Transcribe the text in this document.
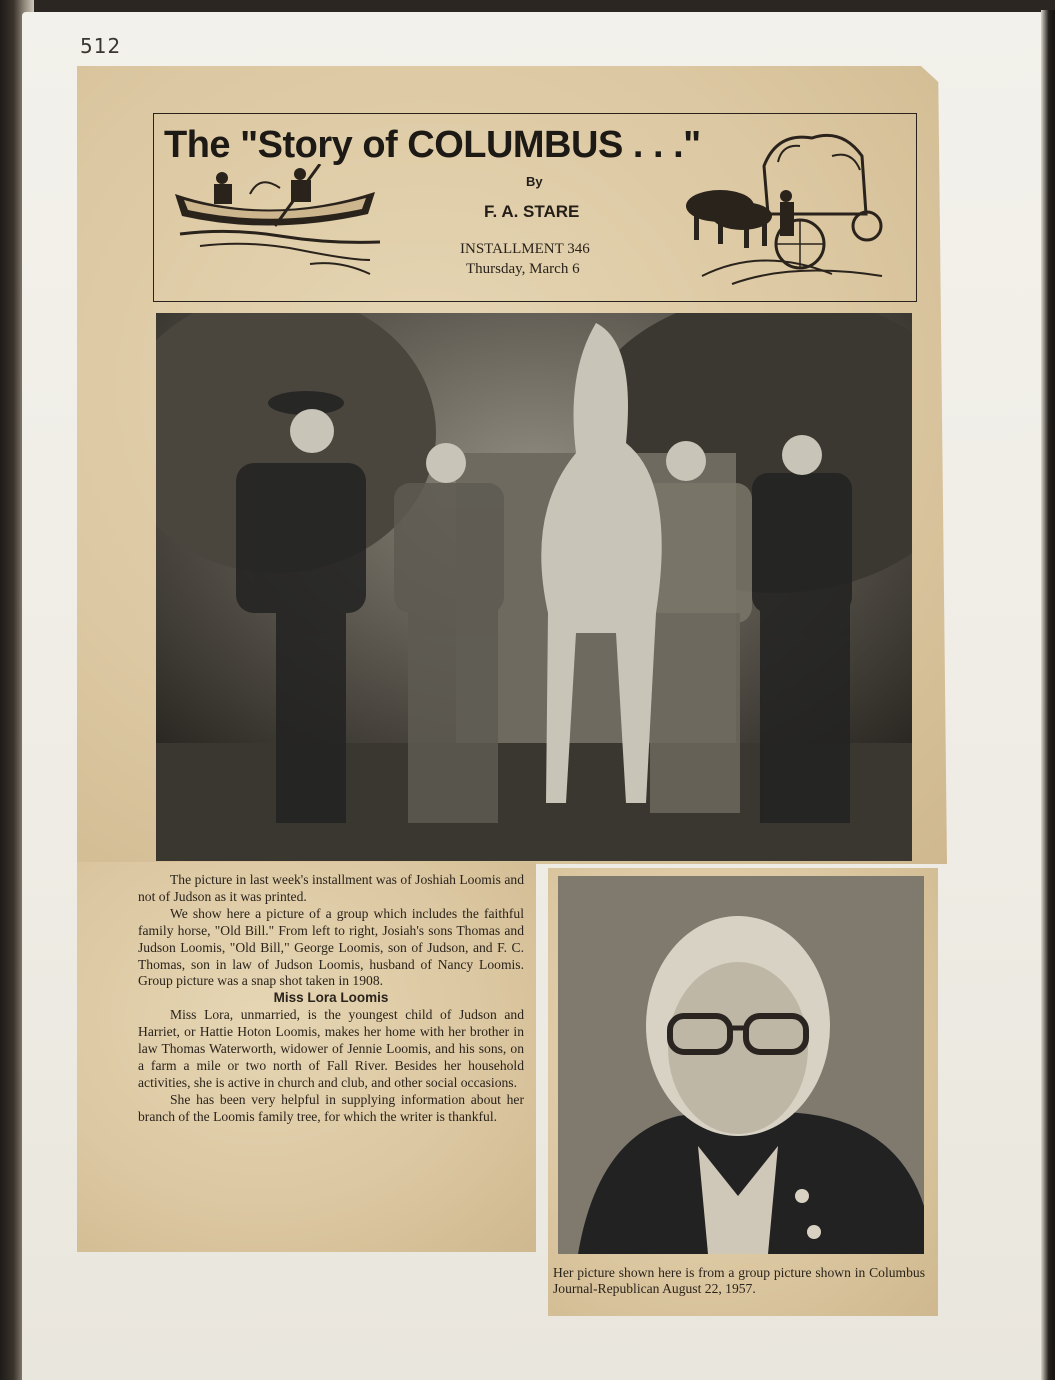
512
The "Story of COLUMBUS . . ."
By
F. A. STARE
INSTALLMENT 346
Thursday, March 6

The picture in last week's installment was of Joshiah Loomis and not of Judson as it was printed.

We show here a picture of a group which includes the faithful family horse, "Old Bill." From left to right, Josiah's sons Thomas and Judson Loomis, "Old Bill," George Loomis, son of Judson, and F. C. Thomas, son in law of Judson Loomis, husband of Nancy Loomis. Group picture was a snap shot taken in 1908.

Miss Lora Loomis

Miss Lora, unmarried, is the youngest child of Judson and Harriet, or Hattie Hoton Loomis, makes her home with her brother in law Thomas Waterworth, widower of Jennie Loomis, and his sons, on a farm a mile or two north of Fall River. Besides her household activities, she is active in church and club, and other social occasions.

She has been very helpful in supplying information about her branch of the Loomis family tree, for which the writer is thankful.

Her picture shown here is from a group picture shown in Columbus Journal-Republican August 22, 1957.
